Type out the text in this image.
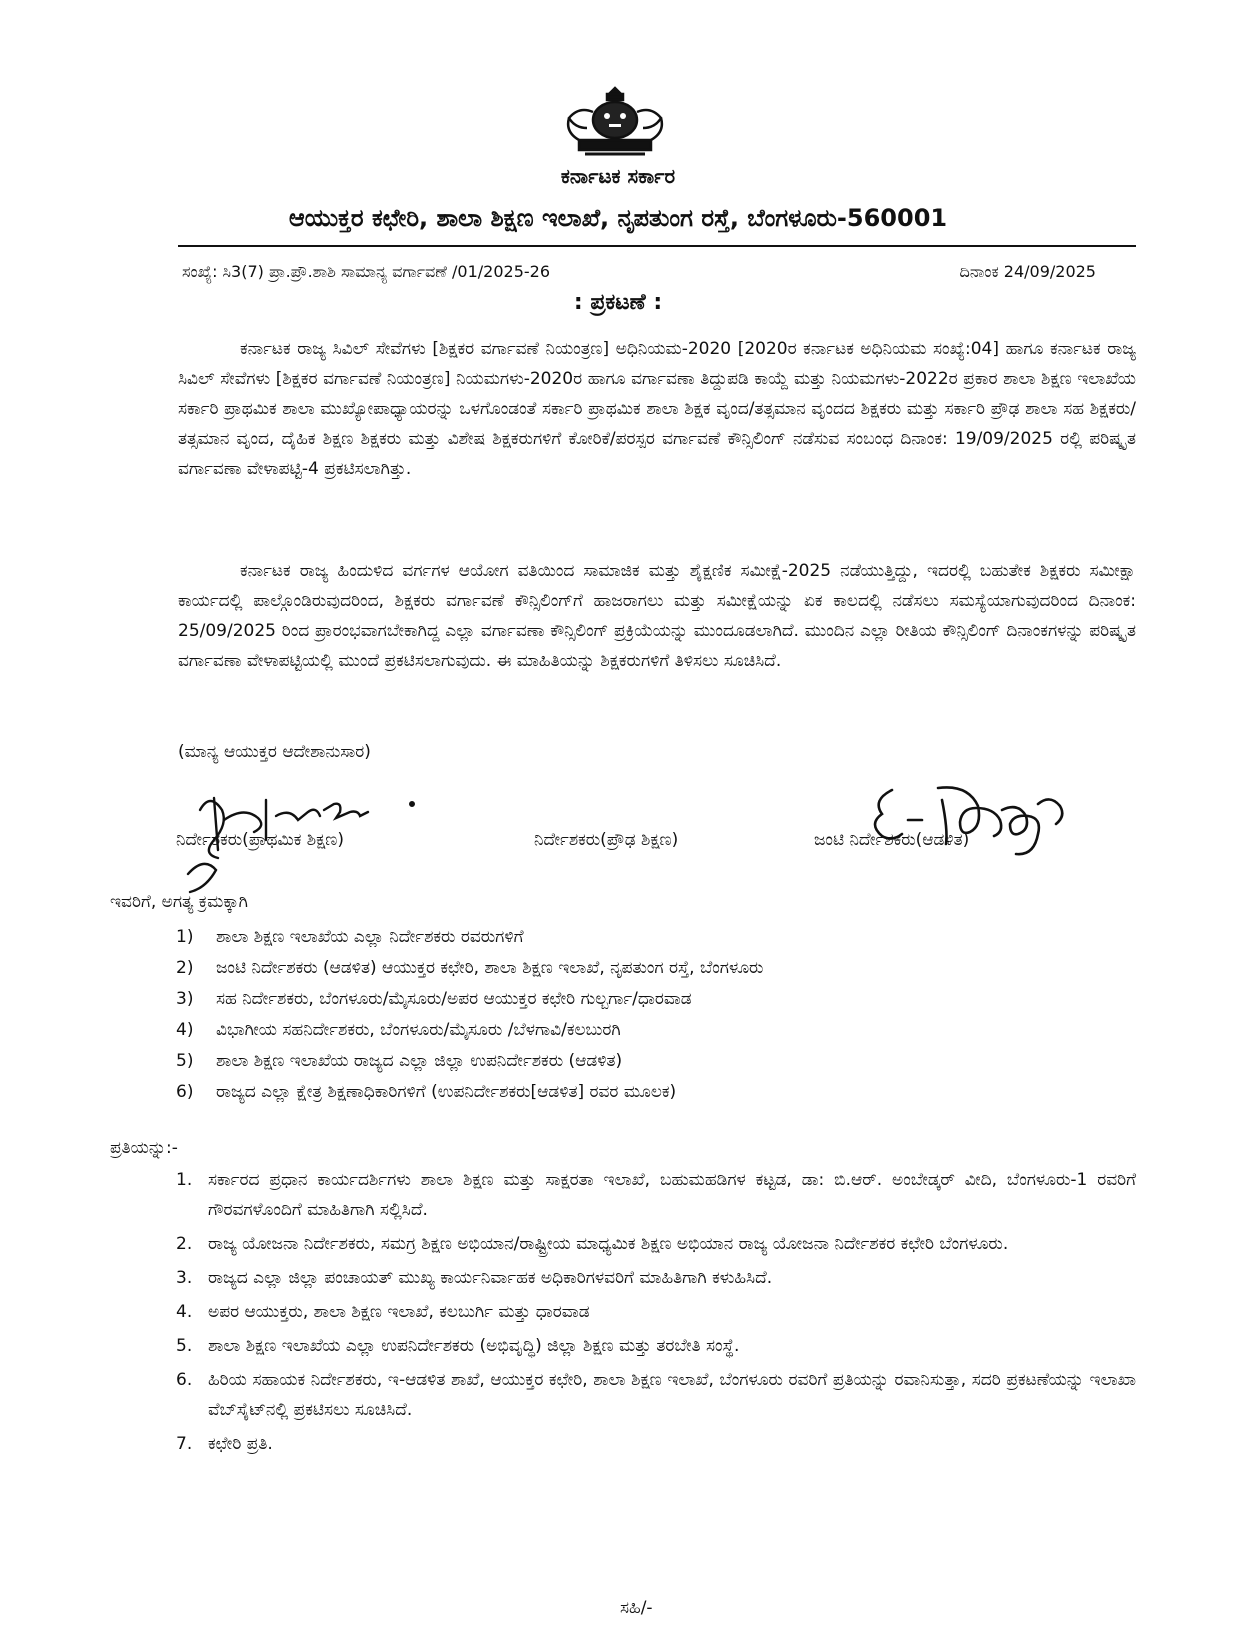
ಕರ್ನಾಟಕ ಸರ್ಕಾರ
ಆಯುಕ್ತರ ಕಛೇರಿ, ಶಾಲಾ ಶಿಕ್ಷಣ ಇಲಾಖೆ, ನೃಪತುಂಗ ರಸ್ತೆ, ಬೆಂಗಳೂರು-560001
ಸಂಖ್ಯೆ: ಸಿ3(7) ಪ್ರಾ.ಪ್ರೌ.ಶಾಶಿ ಸಾಮಾನ್ಯ ವರ್ಗಾವಣೆ /01/2025-26	ದಿನಾಂಕ 24/09/2025
: ಪ್ರಕಟಣೆ :
ಕರ್ನಾಟಕ ರಾಜ್ಯ ಸಿವಿಲ್ ಸೇವೆಗಳು [ಶಿಕ್ಷಕರ ವರ್ಗಾವಣೆ ನಿಯಂತ್ರಣ] ಅಧಿನಿಯಮ-2020 [2020ರ ಕರ್ನಾಟಕ ಅಧಿನಿಯಮ ಸಂಖ್ಯೆ:04] ಹಾಗೂ ಕರ್ನಾಟಕ ರಾಜ್ಯ ಸಿವಿಲ್ ಸೇವೆಗಳು [ಶಿಕ್ಷಕರ ವರ್ಗಾವಣೆ ನಿಯಂತ್ರಣ] ನಿಯಮಗಳು-2020ರ ಹಾಗೂ ವರ್ಗಾವಣಾ ತಿದ್ದುಪಡಿ ಕಾಯ್ದೆ ಮತ್ತು ನಿಯಮಗಳು-2022ರ ಪ್ರಕಾರ ಶಾಲಾ ಶಿಕ್ಷಣ ಇಲಾಖೆಯ ಸರ್ಕಾರಿ ಪ್ರಾಥಮಿಕ ಶಾಲಾ ಮುಖ್ಯೋಪಾಧ್ಯಾಯರನ್ನು ಒಳಗೊಂಡಂತೆ ಸರ್ಕಾರಿ ಪ್ರಾಥಮಿಕ ಶಾಲಾ ಶಿಕ್ಷಕ ವೃಂದ/ತತ್ಸಮಾನ ವೃಂದದ ಶಿಕ್ಷಕರು ಮತ್ತು ಸರ್ಕಾರಿ ಪ್ರೌಢ ಶಾಲಾ ಸಹ ಶಿಕ್ಷಕರು/ತತ್ಸಮಾನ ವೃಂದ, ದೈಹಿಕ ಶಿಕ್ಷಣ ಶಿಕ್ಷಕರು ಮತ್ತು ವಿಶೇಷ ಶಿಕ್ಷಕರುಗಳಿಗೆ ಕೋರಿಕೆ/ಪರಸ್ಪರ ವರ್ಗಾವಣೆ ಕೌನ್ಸಿಲಿಂಗ್ ನಡೆಸುವ ಸಂಬಂಧ ದಿನಾಂಕ: 19/09/2025 ರಲ್ಲಿ ಪರಿಷ್ಕೃತ ವರ್ಗಾವಣಾ ವೇಳಾಪಟ್ಟಿ-4 ಪ್ರಕಟಿಸಲಾಗಿತ್ತು.
ಕರ್ನಾಟಕ ರಾಜ್ಯ ಹಿಂದುಳಿದ ವರ್ಗಗಳ ಆಯೋಗ ವತಿಯಿಂದ ಸಾಮಾಜಿಕ ಮತ್ತು ಶೈಕ್ಷಣಿಕ ಸಮೀಕ್ಷೆ-2025 ನಡೆಯುತ್ತಿದ್ದು, ಇದರಲ್ಲಿ ಬಹುತೇಕ ಶಿಕ್ಷಕರು ಸಮೀಕ್ಷಾ ಕಾರ್ಯದಲ್ಲಿ ಪಾಲ್ಗೊಂಡಿರುವುದರಿಂದ, ಶಿಕ್ಷಕರು ವರ್ಗಾವಣೆ ಕೌನ್ಸಿಲಿಂಗ್‌ಗೆ ಹಾಜರಾಗಲು ಮತ್ತು ಸಮೀಕ್ಷೆಯನ್ನು ಏಕ ಕಾಲದಲ್ಲಿ ನಡೆಸಲು ಸಮಸ್ಯೆಯಾಗುವುದರಿಂದ ದಿನಾಂಕ: 25/09/2025 ರಿಂದ ಪ್ರಾರಂಭವಾಗಬೇಕಾಗಿದ್ದ ಎಲ್ಲಾ ವರ್ಗಾವಣಾ ಕೌನ್ಸಿಲಿಂಗ್ ಪ್ರಕ್ರಿಯೆಯನ್ನು ಮುಂದೂಡಲಾಗಿದೆ. ಮುಂದಿನ ಎಲ್ಲಾ ರೀತಿಯ ಕೌನ್ಸಿಲಿಂಗ್ ದಿನಾಂಕಗಳನ್ನು ಪರಿಷ್ಕೃತ ವರ್ಗಾವಣಾ ವೇಳಾಪಟ್ಟಿಯಲ್ಲಿ ಮುಂದೆ ಪ್ರಕಟಿಸಲಾಗುವುದು. ಈ ಮಾಹಿತಿಯನ್ನು ಶಿಕ್ಷಕರುಗಳಿಗೆ ತಿಳಿಸಲು ಸೂಚಿಸಿದೆ.
(ಮಾನ್ಯ ಆಯುಕ್ತರ ಆದೇಶಾನುಸಾರ)
ಸಹಿ/-
ನಿರ್ದೇಶಕರು(ಪ್ರಾಥಮಿಕ ಶಿಕ್ಷಣ)	ನಿರ್ದೇಶಕರು(ಪ್ರೌಢ ಶಿಕ್ಷಣ)	ಜಂಟಿ ನಿರ್ದೇಶಕರು(ಆಡಳಿತ)
ಇವರಿಗೆ, ಅಗತ್ಯ ಕ್ರಮಕ್ಕಾಗಿ
1)	ಶಾಲಾ ಶಿಕ್ಷಣ ಇಲಾಖೆಯ ಎಲ್ಲಾ ನಿರ್ದೇಶಕರು ರವರುಗಳಿಗೆ
2)	ಜಂಟಿ ನಿರ್ದೇಶಕರು (ಆಡಳಿತ) ಆಯುಕ್ತರ ಕಛೇರಿ, ಶಾಲಾ ಶಿಕ್ಷಣ ಇಲಾಖೆ, ನೃಪತುಂಗ ರಸ್ತೆ, ಬೆಂಗಳೂರು
3)	ಸಹ ನಿರ್ದೇಶಕರು, ಬೆಂಗಳೂರು/ಮೈಸೂರು/ಅಪರ ಆಯುಕ್ತರ ಕಛೇರಿ ಗುಲ್ಬರ್ಗಾ/ಧಾರವಾಡ
4)	ವಿಭಾಗೀಯ ಸಹನಿರ್ದೇಶಕರು, ಬೆಂಗಳೂರು/ಮೈಸೂರು /ಬೆಳಗಾವಿ/ಕಲಬುರಗಿ
5)	ಶಾಲಾ ಶಿಕ್ಷಣ ಇಲಾಖೆಯ ರಾಜ್ಯದ ಎಲ್ಲಾ ಜಿಲ್ಲಾ ಉಪನಿರ್ದೇಶಕರು (ಆಡಳಿತ)
6)	ರಾಜ್ಯದ ಎಲ್ಲಾ ಕ್ಷೇತ್ರ ಶಿಕ್ಷಣಾಧಿಕಾರಿಗಳಿಗೆ (ಉಪನಿರ್ದೇಶಕರು[ಆಡಳಿತ] ರವರ ಮೂಲಕ)
ಪ್ರತಿಯನ್ನು:-
1. ಸರ್ಕಾರದ ಪ್ರಧಾನ ಕಾರ್ಯದರ್ಶಿಗಳು ಶಾಲಾ ಶಿಕ್ಷಣ ಮತ್ತು ಸಾಕ್ಷರತಾ ಇಲಾಖೆ, ಬಹುಮಹಡಿಗಳ ಕಟ್ಟಡ, ಡಾ: ಬಿ.ಆರ್. ಅಂಬೇಡ್ಕರ್ ವೀದಿ, ಬೆಂಗಳೂರು-1 ರವರಿಗೆ ಗೌರವಗಳೊಂದಿಗೆ ಮಾಹಿತಿಗಾಗಿ ಸಲ್ಲಿಸಿದೆ.
2. ರಾಜ್ಯ ಯೋಜನಾ ನಿರ್ದೇಶಕರು, ಸಮಗ್ರ ಶಿಕ್ಷಣ ಅಭಿಯಾನ/ರಾಷ್ಟ್ರೀಯ ಮಾಧ್ಯಮಿಕ ಶಿಕ್ಷಣ ಅಭಿಯಾನ ರಾಜ್ಯ ಯೋಜನಾ ನಿರ್ದೇಶಕರ ಕಛೇರಿ ಬೆಂಗಳೂರು.
3. ರಾಜ್ಯದ ಎಲ್ಲಾ ಜಿಲ್ಲಾ ಪಂಚಾಯತ್ ಮುಖ್ಯ ಕಾರ್ಯನಿರ್ವಾಹಕ ಅಧಿಕಾರಿಗಳವರಿಗೆ ಮಾಹಿತಿಗಾಗಿ ಕಳುಹಿಸಿದೆ.
4. ಅಪರ ಆಯುಕ್ತರು, ಶಾಲಾ ಶಿಕ್ಷಣ ಇಲಾಖೆ, ಕಲಬುರ್ಗಿ ಮತ್ತು ಧಾರವಾಡ
5. ಶಾಲಾ ಶಿಕ್ಷಣ ಇಲಾಖೆಯ ಎಲ್ಲಾ ಉಪನಿರ್ದೇಶಕರು (ಅಭಿವೃದ್ಧಿ) ಜಿಲ್ಲಾ ಶಿಕ್ಷಣ ಮತ್ತು ತರಬೇತಿ ಸಂಸ್ಥೆ.
6. ಹಿರಿಯ ಸಹಾಯಕ ನಿರ್ದೇಶಕರು, ಇ-ಆಡಳಿತ ಶಾಖೆ, ಆಯುಕ್ತರ ಕಛೇರಿ, ಶಾಲಾ ಶಿಕ್ಷಣ ಇಲಾಖೆ, ಬೆಂಗಳೂರು ರವರಿಗೆ ಪ್ರತಿಯನ್ನು ರವಾನಿಸುತ್ತಾ, ಸದರಿ ಪ್ರಕಟಣೆಯನ್ನು ಇಲಾಖಾ ವೆಬ್‌ಸೈಟ್‌ನಲ್ಲಿ ಪ್ರಕಟಿಸಲು ಸೂಚಿಸಿದೆ.
7. ಕಛೇರಿ ಪ್ರತಿ.
